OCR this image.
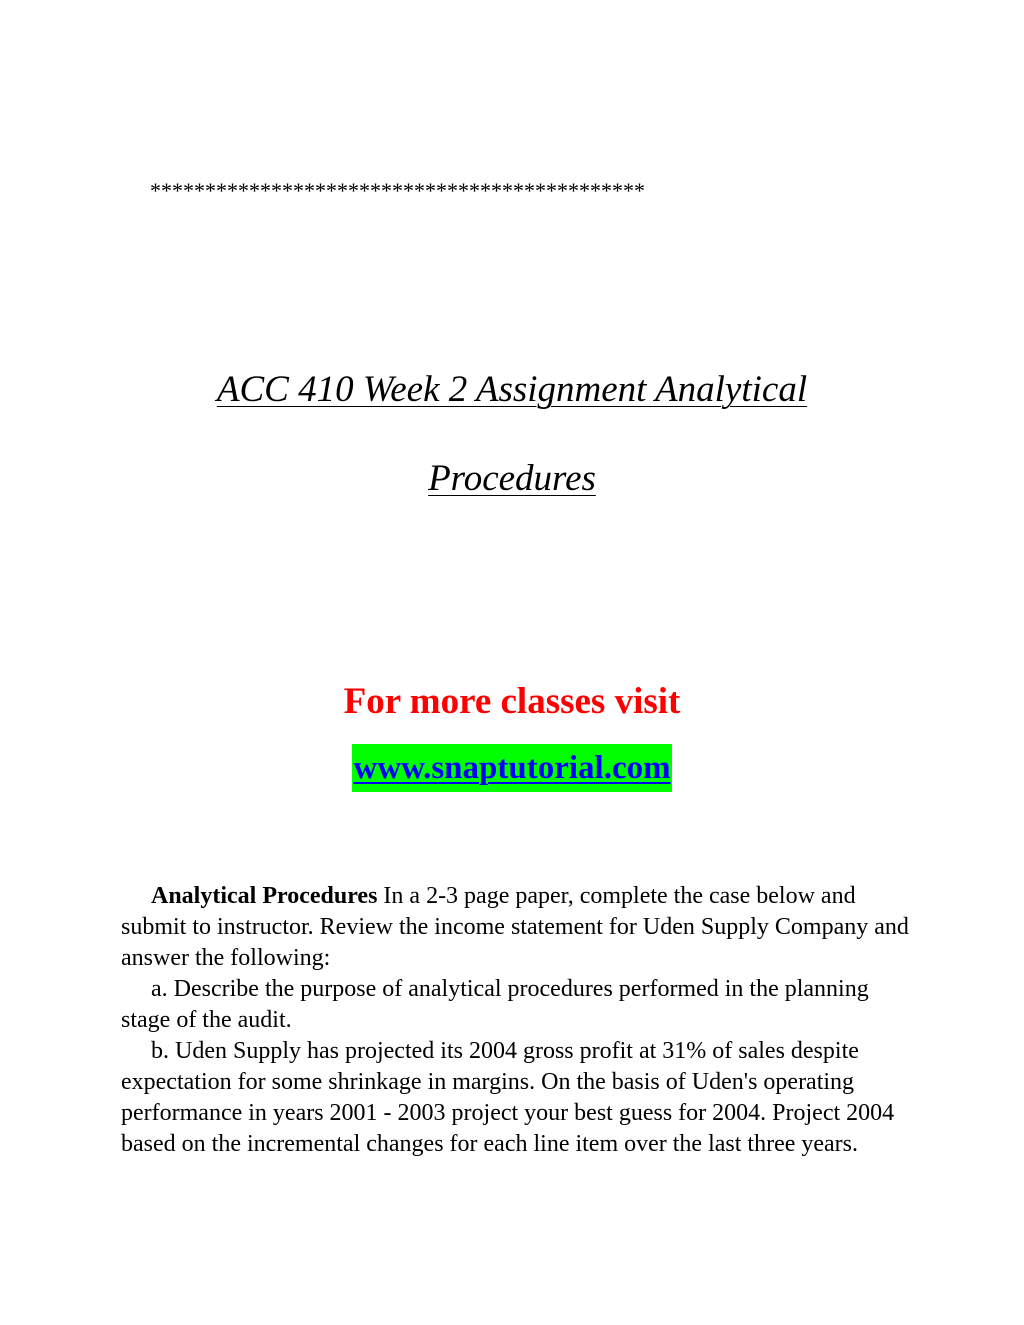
*********************************************
ACC 410 Week 2 Assignment Analytical
Procedures
For more classes visit
www.snaptutorial.com

Analytical Procedures In a 2-3 page paper, complete the case below and submit to instructor. Review the income statement for Uden Supply Company and answer the following:

a. Describe the purpose of analytical procedures performed in the planning stage of the audit.

b. Uden Supply has projected its 2004 gross profit at 31% of sales despite expectation for some shrinkage in margins. On the basis of Uden's operating performance in years 2001 - 2003 project your best guess for 2004. Project 2004 based on the incremental changes for each line item over the last three years.
